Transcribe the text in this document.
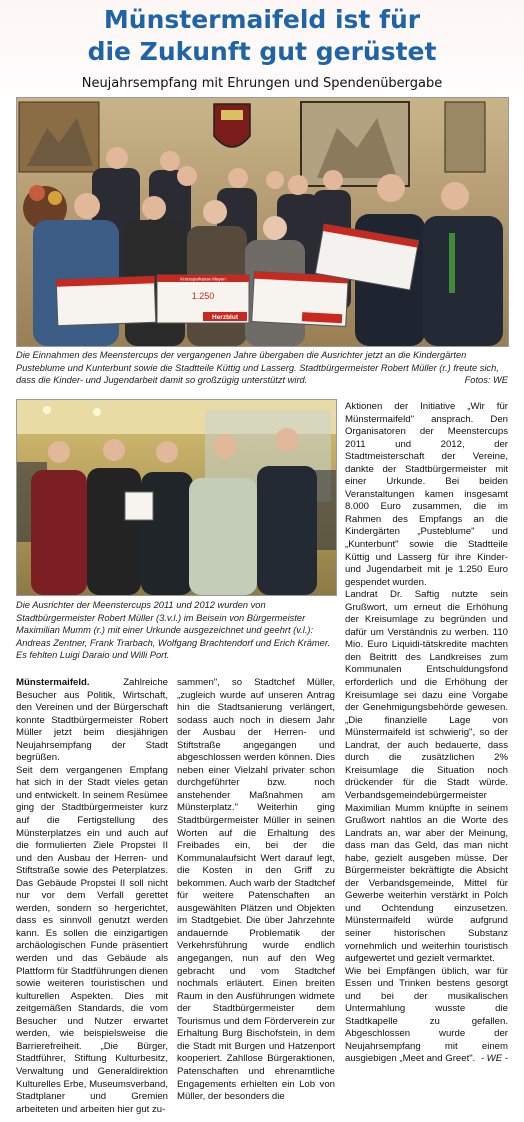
Münstermaifeld ist für
die Zukunft gut gerüstet
Neujahrsempfang mit Ehrungen und Spendenübergabe
1.250
Herzblut
Kreissparkasse Mayen
Die Einnahmen des Meenstercups der vergangenen Jahre übergaben die Ausrichter jetzt an die Kindergärten Pusteblume und Kunterbunt sowie die Stadtteile Küttig und Lasserg. Stadtbürgermeister Robert Müller (r.) freute sich, dass die Kinder- und Jugendarbeit damit so großzügig unterstützt wird.	Fotos: WE
Die Ausrichter der Meenstercups 2011 und 2012 wurden von Stadtbürgermeister Robert Müller (3.v.l.) im Beisein von Bürgermeister Maximilian Mumm (r.) mit einer Urkunde ausgezeichnet und geehrt (v.l.): Andreas Zentner, Frank Trarbach, Wolfgang Brachtendorf und Erich Krämer. Es fehlten Luigi Daraio und Willi Port.

Münstermaifeld. Zahlreiche Besucher aus Politik, Wirtschaft, den Vereinen und der Bürgerschaft konnte Stadtbürgermeister Robert Müller jetzt beim diesjährigen Neujahrsempfang der Stadt begrüßen.

Seit dem vergangenen Empfang hat sich in der Stadt vieles getan und entwickelt. In seinem Resümee ging der Stadtbürgermeister kurz auf die Fertigstellung des Münsterplatzes ein und auch auf die formulierten Ziele Propstei II und den Ausbau der Herren- und Stiftstraße sowie des Peterplatzes. Das Gebäude Propstei II soll nicht nur vor dem Verfall gerettet werden, sondern so hergerichtet, dass es sinnvoll genutzt werden kann. Es sollen die einzigartigen archäologischen Funde präsentiert werden und das Gebäude als Plattform für Stadtführungen dienen sowie weiteren touristischen und kulturellen Aspekten. Dies mit zeitgemäßen Standards, die vom Besucher und Nutzer erwartet werden, wie beispielsweise die Barrierefreiheit. „Die Bürger, Stadtführer, Stiftung Kulturbesitz, Verwaltung und Generaldirektion Kulturelles Erbe, Museumsverband, Stadtplaner und Gremien arbeiteten und arbeiten hier gut zu-

sammen", so Stadtchef Müller, „zugleich wurde auf unseren Antrag hin die Stadtsanierung verlängert, sodass auch noch in diesem Jahr der Ausbau der Herren- und Stiftstraße angegangen und abgeschlossen werden können. Dies neben einer Vielzahl privater schon durchgeführter bzw. noch anstehender Maßnahmen am Münsterplatz." Weiterhin ging Stadtbürgermeister Müller in seinen Worten auf die Erhaltung des Freibades ein, bei der die Kommunalaufsicht Wert darauf legt, die Kosten in den Griff zu bekommen. Auch warb der Stadtchef für weitere Patenschaften an ausgewählten Plätzen und Objekten im Stadtgebiet. Die über Jahrzehnte andauernde Problematik der Verkehrsführung wurde endlich angegangen, nun auf den Weg gebracht und vom Stadtchef nochmals erläutert. Einen breiten Raum in den Ausführungen widmete der Stadtbürgermeister dem Tourismus und dem Förderverein zur Erhaltung Burg Bischofstein, in dem die Stadt mit Burgen und Hatzenport kooperiert. Zahllose Bürgeraktionen, Patenschaften und ehrenamtliche Engagements erhielten ein Lob von Müller, der besonders die

Aktionen der Initiative „Wir für Münstermaifeld" ansprach. Den Organisatoren der Meenstercups 2011 und 2012, der Stadtmeisterschaft der Vereine, dankte der Stadtbürgermeister mit einer Urkunde. Bei beiden Veranstaltungen kamen insgesamt 8.000 Euro zusammen, die im Rahmen des Empfangs an die Kindergärten „Pusteblume" und „Kunterbunt" sowie die Stadtteile Küttig und Lasserg für ihre Kinder- und Jugendarbeit mit je 1.250 Euro gespendet wurden.

Landrat Dr. Saftig nutzte sein Grußwort, um erneut die Erhöhung der Kreisumlage zu begründen und dafür um Verständnis zu werben. 110 Mio. Euro Liquidi-tätskredite machten den Beitritt des Landkreises zum Kommunalen Entschuldungsfond erforderlich und die Erhöhung der Kreisumlage sei dazu eine Vorgabe der Genehmigungsbehörde gewesen. „Die finanzielle Lage von Münstermaifeld ist schwierig", so der Landrat, der auch bedauerte, dass durch die zusätzlichen 2% Kreisumlage die Situation noch drückender für die Stadt würde. Verbandsgemeindebürgermeister Maximilian Mumm knüpfte in seinem Grußwort nahtlos an die Worte des Landrats an, war aber der Meinung, dass man das Geld, das man nicht habe, gezielt ausgeben müsse. Der Bürgermeister bekräftigte die Absicht der Verbandsgemeinde, Mittel für Gewerbe weiterhin verstärkt in Polch und Ochtendung einzusetzen. Münstermaifeld würde aufgrund seiner historischen Substanz vornehmlich und weiterhin touristisch aufgewertet und gezielt vermarktet.

Wie bei Empfängen üblich, war für Essen und Trinken bestens gesorgt und bei der musikalischen Untermahlung wusste die Stadtkapelle zu gefallen. Abgeschlossen wurde der Neujahrsempfang mit einem ausgiebigen „Meet and Greet". - WE -
